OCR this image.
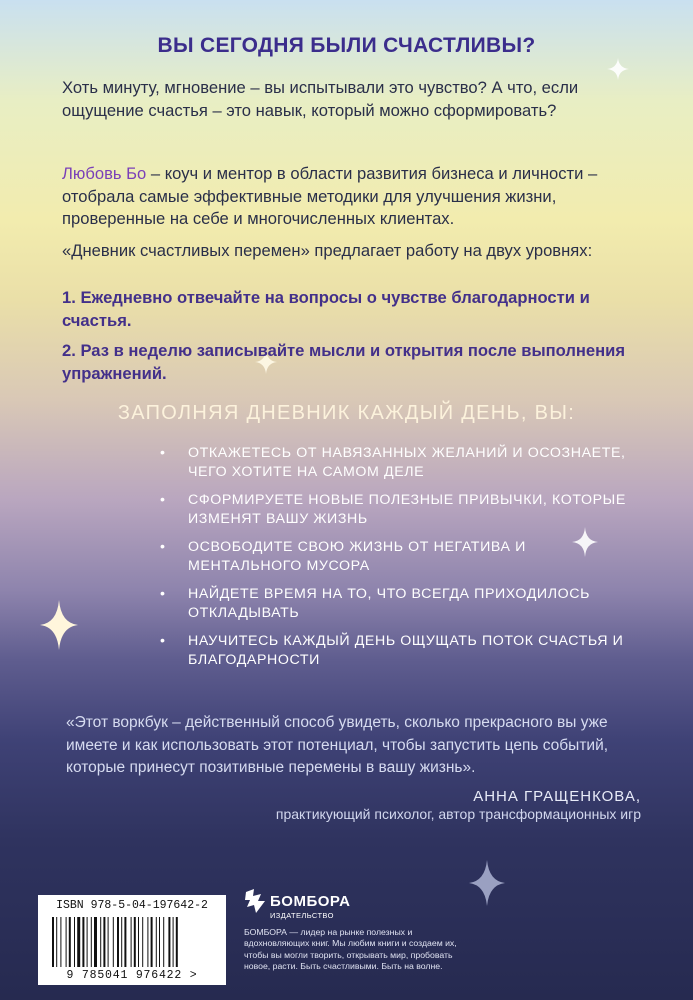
ВЫ СЕГОДНЯ БЫЛИ СЧАСТЛИВЫ?

Хоть минуту, мгновение – вы испытывали это чувство? А что, если ощущение счастья – это навык, который можно сформировать?

Любовь Бо – коуч и ментор в области развития бизнеса и личности – отобрала самые эффективные методики для улучшения жизни, проверенные на себе и многочисленных клиентах.

«Дневник счастливых перемен» предлагает работу на двух уровнях:

1. Ежедневно отвечайте на вопросы о чувстве благодарности и счастья.

2. Раз в неделю записывайте мысли и открытия после выполнения упражнений.

ЗАПОЛНЯЯ ДНЕВНИК КАЖДЫЙ ДЕНЬ, ВЫ:
• ОТКАЖЕТЕСЬ ОТ НАВЯЗАННЫХ ЖЕЛАНИЙ И ОСОЗНАЕТЕ, ЧЕГО ХОТИТЕ НА САМОМ ДЕЛЕ
• СФОРМИРУЕТЕ НОВЫЕ ПОЛЕЗНЫЕ ПРИВЫЧКИ, КОТОРЫЕ ИЗМЕНЯТ ВАШУ ЖИЗНЬ
• ОСВОБОДИТЕ СВОЮ ЖИЗНЬ ОТ НЕГАТИВА И МЕНТАЛЬНОГО МУСОРА
• НАЙДЕТЕ ВРЕМЯ НА ТО, ЧТО ВСЕГДА ПРИХОДИЛОСЬ ОТКЛАДЫВАТЬ
• НАУЧИТЕСЬ КАЖДЫЙ ДЕНЬ ОЩУЩАТЬ ПОТОК СЧАСТЬЯ И БЛАГОДАРНОСТИ

«Этот воркбук – действенный способ увидеть, сколько прекрасного вы уже имеете и как использовать этот потенциал, чтобы запустить цепь событий, которые принесут позитивные перемены в вашу жизнь».

АННА ГРАЩЕНКОВА,
практикующий психолог, автор трансформационных игр
ISBN 978-5-04-197642-2
9 785041 976422 >
БОМБОРА
ИЗДАТЕЛЬСТВО

БОМБОРА — лидер на рынке полезных и вдохновляющих книг. Мы любим книги и создаем их, чтобы вы могли творить, открывать мир, пробовать новое, расти. Быть счастливыми. Быть на волне.
